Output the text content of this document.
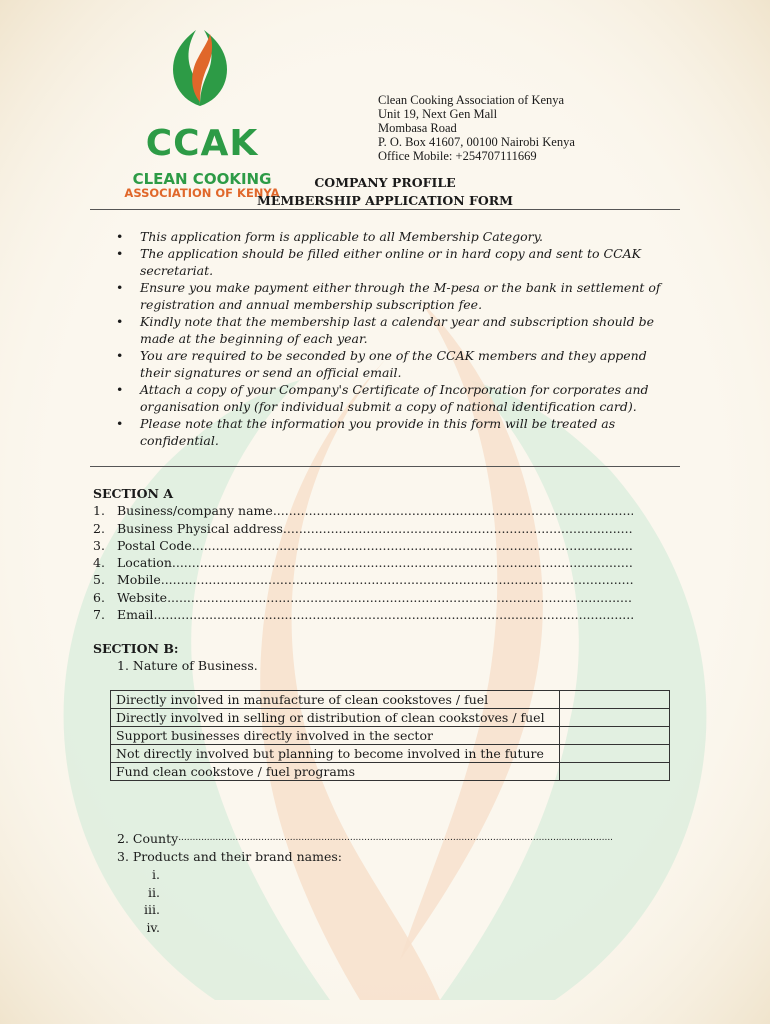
CCAK
CLEAN COOKING
ASSOCIATION OF KENYA
Clean Cooking Association of Kenya
Unit 19, Next Gen Mall
Mombasa Road
P. O. Box 41607, 00100 Nairobi Kenya
Office Mobile: +254707111669
COMPANY PROFILE
MEMBERSHIP APPLICATION FORM
• This application form is applicable to all Membership Category.
• The application should be filled either online or in hard copy and sent to CCAK secretariat.
• Ensure you make payment either through the M-pesa or the bank in settlement of registration and annual membership subscription fee.
• Kindly note that the membership last a calendar year and subscription should be made at the beginning of each year.
• You are required to be seconded by one of the CCAK members and they append their signatures or send an official email.
• Attach a copy of your Company's Certificate of Incorporation for corporates and organisation only (for individual submit a copy of national identification card).
• Please note that the information you provide in this form will be treated as confidential.
SECTION A
1. Business/company name
.....
2. Business Physical address
.....
3. Postal Code
.....
4. Location
.....
5. Mobile
.....
6. Website
.....
7. Email
.....
SECTION B:
1. Nature of Business.
Directly involved in manufacture of clean cookstoves / fuel	
Directly involved in selling or distribution of clean cookstoves / fuel	
Support businesses directly involved in the sector	
Not directly involved but planning to become involved in the future	
Fund clean cookstove / fuel programs	
2. County
.....
3. Products and their brand names:
i.
ii.
iii.
iv.
